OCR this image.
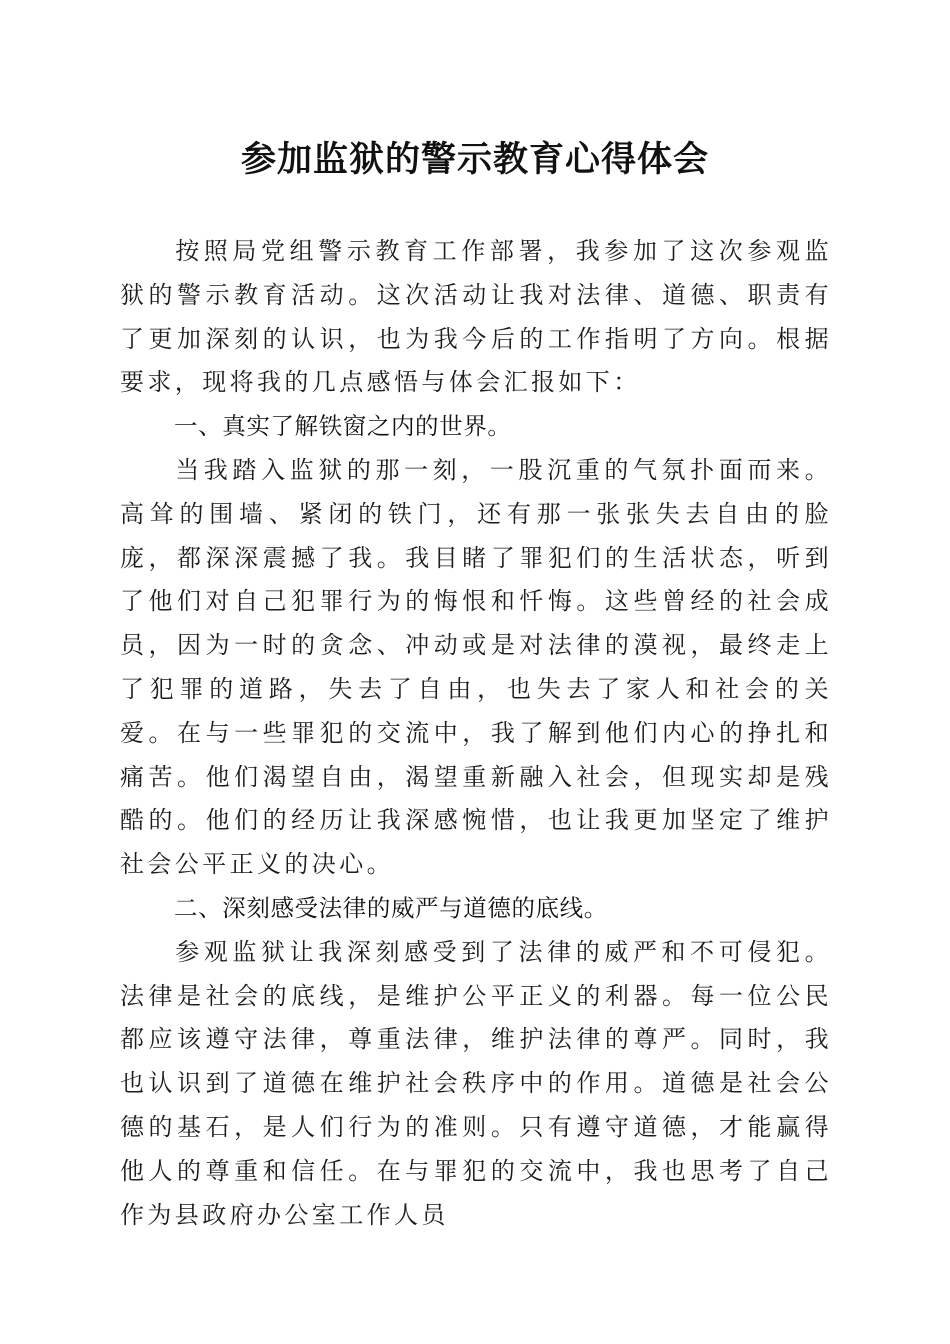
参加监狱的警示教育心得体会

按照局党组警示教育工作部署，我参加了这次参观监狱的警示教育活动。这次活动让我对法律、道德、职责有了更加深刻的认识，也为我今后的工作指明了方向。根据要求，现将我的几点感悟与体会汇报如下：

一、真实了解铁窗之内的世界。

当我踏入监狱的那一刻，一股沉重的气氛扑面而来。高耸的围墙、紧闭的铁门，还有那一张张失去自由的脸庞，都深深震撼了我。我目睹了罪犯们的生活状态，听到了他们对自己犯罪行为的悔恨和忏悔。这些曾经的社会成员，因为一时的贪念、冲动或是对法律的漠视，最终走上了犯罪的道路，失去了自由，也失去了家人和社会的关爱。在与一些罪犯的交流中，我了解到他们内心的挣扎和痛苦。他们渴望自由，渴望重新融入社会，但现实却是残酷的。他们的经历让我深感惋惜，也让我更加坚定了维护社会公平正义的决心。

二、深刻感受法律的威严与道德的底线。

参观监狱让我深刻感受到了法律的威严和不可侵犯。法律是社会的底线，是维护公平正义的利器。每一位公民都应该遵守法律，尊重法律，维护法律的尊严。同时，我也认识到了道德在维护社会秩序中的作用。道德是社会公德的基石，是人们行为的准则。只有遵守道德，才能赢得他人的尊重和信任。在与罪犯的交流中，我也思考了自己作为县政府办公室工作人员
